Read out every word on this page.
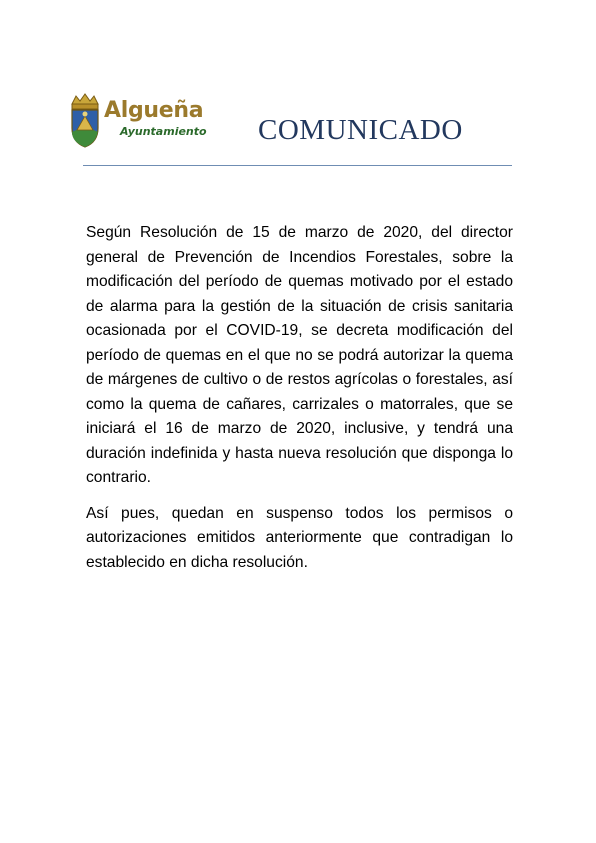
Algueña
Ayuntamiento COMUNICADO

Según Resolución de 15 de marzo de 2020, del director general de Prevención de Incendios Forestales, sobre la modificación del período de quemas motivado por el estado de alarma para la gestión de la situación de crisis sanitaria ocasionada por el COVID-19, se decreta modificación del período de quemas en el que no se podrá autorizar la quema de márgenes de cultivo o de restos agrícolas o forestales, así como la quema de cañares, carrizales o matorrales, que se iniciará el 16 de marzo de 2020, inclusive, y tendrá una duración indefinida y hasta nueva resolución que disponga lo contrario.

Así pues, quedan en suspenso todos los permisos o autorizaciones emitidos anteriormente que contradigan lo establecido en dicha resolución.
